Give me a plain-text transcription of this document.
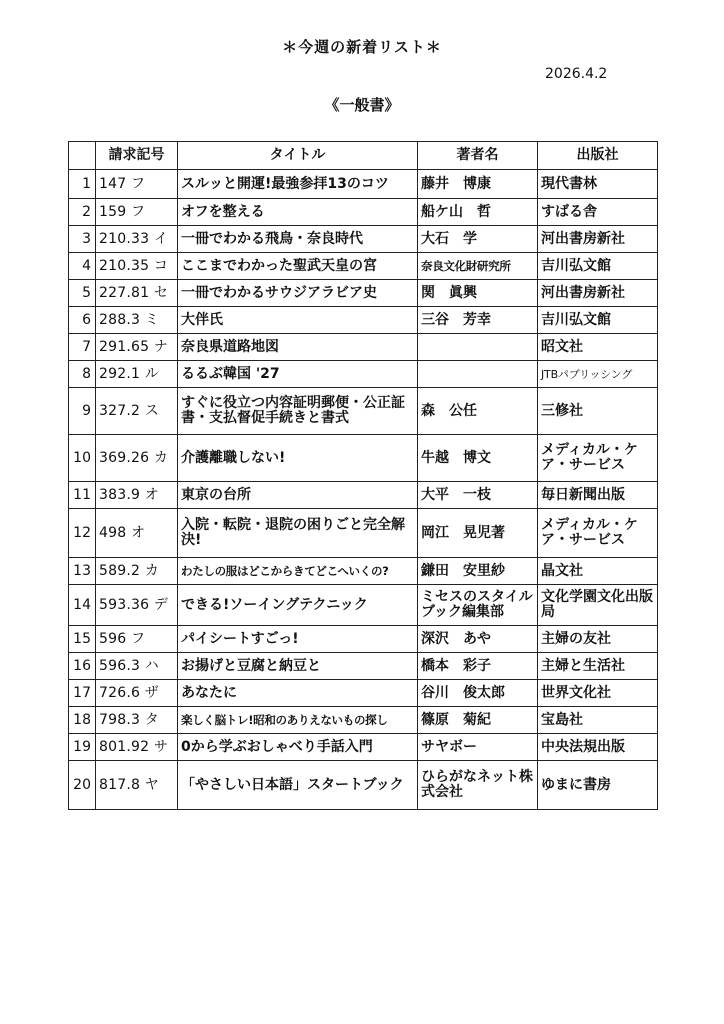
＊今週の新着リスト＊
2026.4.2
《一般書》
	請求記号	タイトル	著者名	出版社
1	147 フ	スルッと開運!最強参拝13のコツ	藤井　博康	現代書林
2	159 フ	オフを整える	船ケ山　哲	すばる舎
3	210.33 イ	一冊でわかる飛鳥・奈良時代	大石　学	河出書房新社
4	210.35 コ	ここまでわかった聖武天皇の宮	奈良文化財研究所	吉川弘文館
5	227.81 セ	一冊でわかるサウジアラビア史	関　眞興	河出書房新社
6	288.3 ミ	大伴氏	三谷　芳幸	吉川弘文館
7	291.65 ナ	奈良県道路地図		昭文社
8	292.1 ル	るるぶ韓国 '27		JTBパブリッシング
9	327.2 ス	すぐに役立つ内容証明郵便・公正証書・支払督促手続きと書式	森　公任	三修社
10	369.26 カ	介護離職しない!	牛越　博文	メディカル・ケア・サービス
11	383.9 オ	東京の台所	大平　一枝	毎日新聞出版
12	498 オ	入院・転院・退院の困りごと完全解決!	岡江　晃児著	メディカル・ケア・サービス
13	589.2 カ	わたしの服はどこからきてどこへいくの?	鎌田　安里紗	晶文社
14	593.36 デ	できる!ソーイングテクニック	ミセスのスタイルブック編集部	文化学園文化出版局
15	596 フ	パイシートすごっ!	深沢　あや	主婦の友社
16	596.3 ハ	お揚げと豆腐と納豆と	橋本　彩子	主婦と生活社
17	726.6 ザ	あなたに	谷川　俊太郎	世界文化社
18	798.3 タ	楽しく脳トレ!昭和のありえないもの探し	篠原　菊紀	宝島社
19	801.92 サ	0から学ぶおしゃべり手話入門	サヤボー	中央法規出版
20	817.8 ヤ	「やさしい日本語」スタートブック	ひらがなネット株式会社	ゆまに書房
